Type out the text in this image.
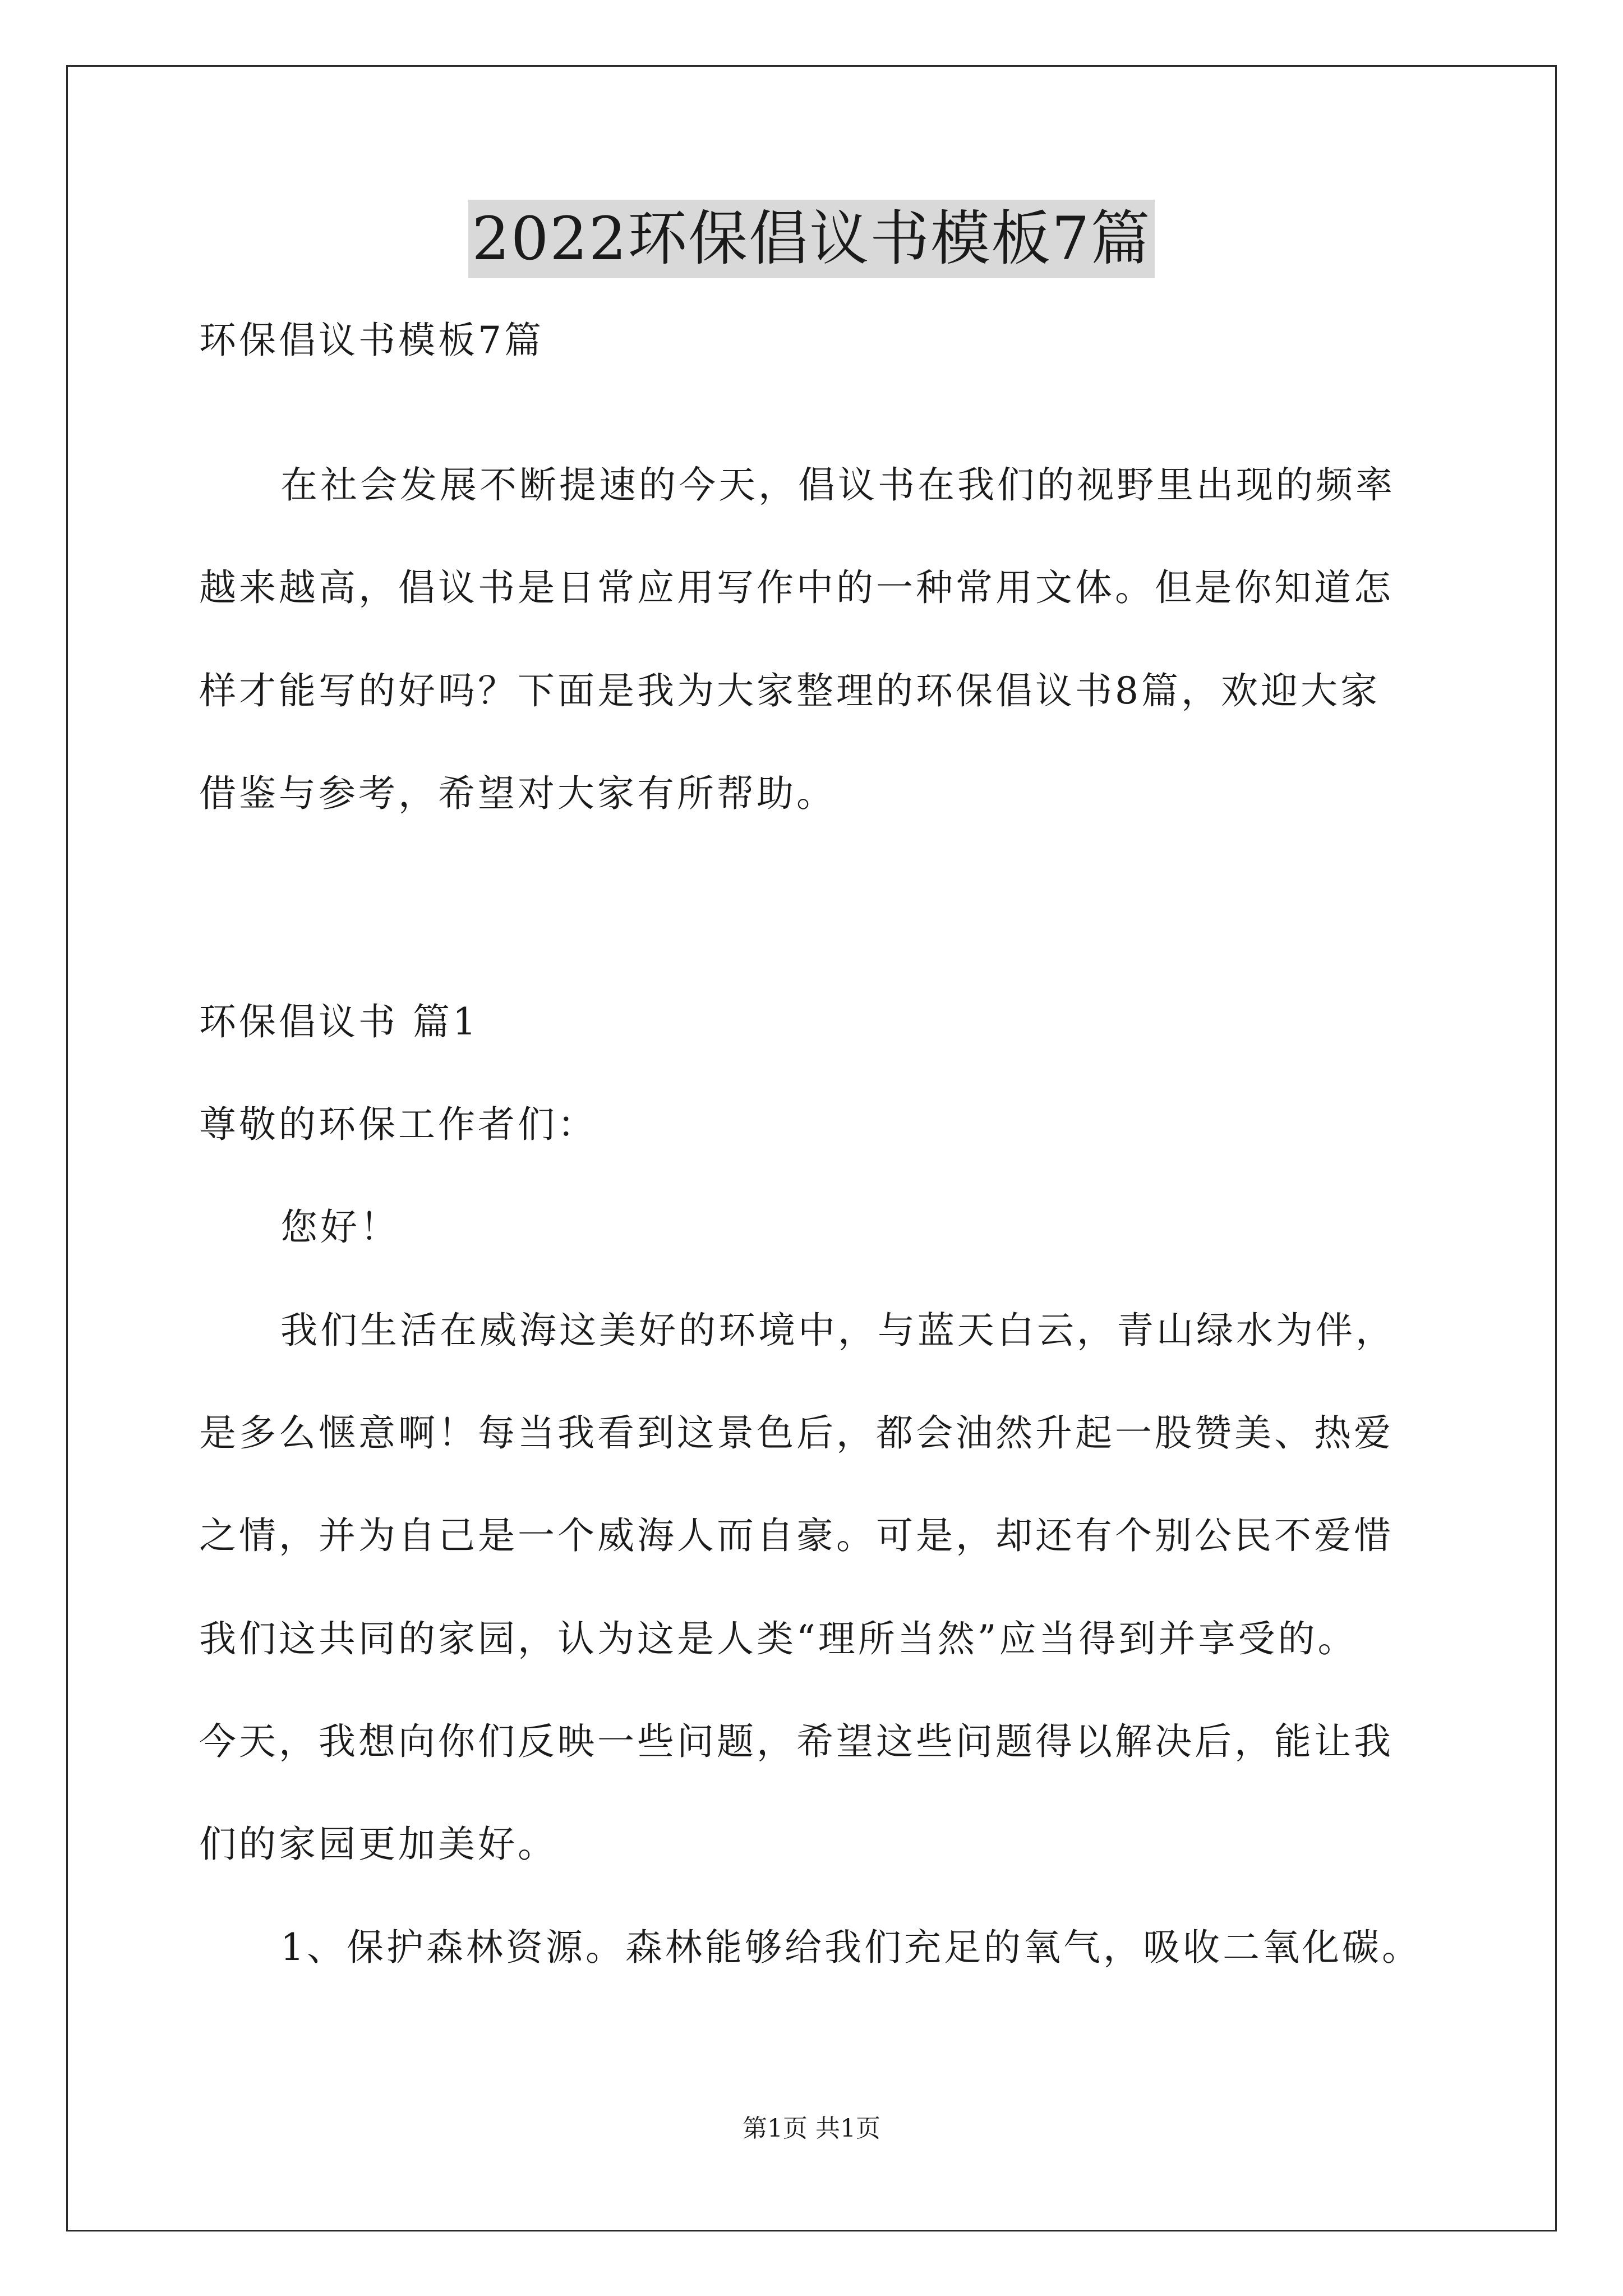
2022环保倡议书模板7篇
环保倡议书模板7篇
在社会发展不断提速的今天，倡议书在我们的视野里出现的频率
越来越高，倡议书是日常应用写作中的一种常用文体。但是你知道怎
样才能写的好吗？下面是我为大家整理的环保倡议书8篇，欢迎大家
借鉴与参考，希望对大家有所帮助。
环保倡议书 篇1
尊敬的环保工作者们：
您好！
我们生活在威海这美好的环境中，与蓝天白云，青山绿水为伴，
是多么惬意啊！每当我看到这景色后，都会油然升起一股赞美、热爱
之情，并为自己是一个威海人而自豪。可是，却还有个别公民不爱惜
我们这共同的家园，认为这是人类“理所当然”应当得到并享受的。
今天，我想向你们反映一些问题，希望这些问题得以解决后，能让我
们的家园更加美好。
1、保护森林资源。森林能够给我们充足的氧气，吸收二氧化碳。
第1页 共1页
